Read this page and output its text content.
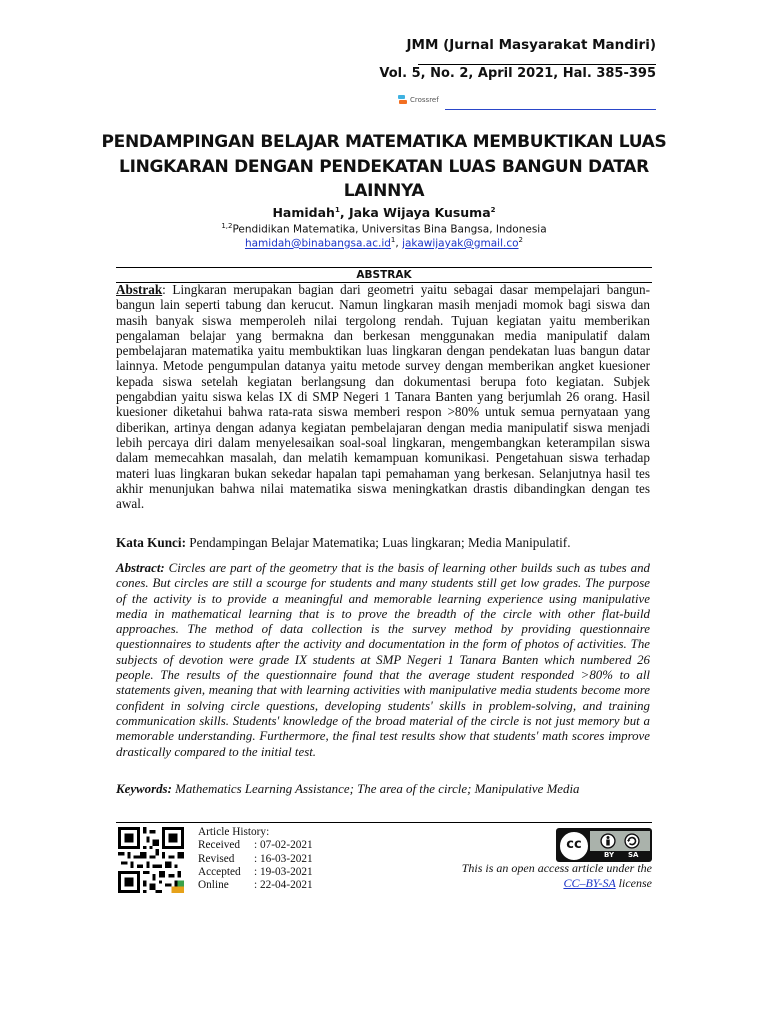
JMM (Jurnal Masyarakat Mandiri)
Vol. 5, No. 2, April 2021, Hal. 385-395
Crossref
PENDAMPINGAN BELAJAR MATEMATIKA MEMBUKTIKAN LUAS LINGKARAN DENGAN PENDEKATAN LUAS BANGUN DATAR LAINNYA
Hamidah$^1$, Jaka Wijaya Kusuma$^2$
$^{1,2}$Pendidikan Matematika, Universitas Bina Bangsa, Indonesia
$hamidah@binabangsa.ac.id^1$, $jakawijayak@gmail.co^2$
ABSTRAK
Abstrak: Lingkaran merupakan bagian dari geometri yaitu sebagai dasar mempelajari bangun-bangun lain seperti tabung dan kerucut. Namun lingkaran masih menjadi momok bagi siswa dan masih banyak siswa memperoleh nilai tergolong rendah. Tujuan kegiatan yaitu memberikan pengalaman belajar yang bermakna dan berkesan menggunakan media manipulatif dalam pembelajaran matematika yaitu membuktikan luas lingkaran dengan pendekatan luas bangun datar lainnya. Metode pengumpulan datanya yaitu metode survey dengan memberikan angket kuesioner kepada siswa setelah kegiatan berlangsung dan dokumentasi berupa foto kegiatan. Subjek pengabdian yaitu siswa kelas IX di SMP Negeri 1 Tanara Banten yang berjumlah 26 orang. Hasil kuesioner diketahui bahwa rata-rata siswa memberi respon >80% untuk semua pernyataan yang diberikan, artinya dengan adanya kegiatan pembelajaran dengan media manipulatif siswa menjadi lebih percaya diri dalam menyelesaikan soal-soal lingkaran, mengembangkan keterampilan siswa dalam memecahkan masalah, dan melatih kemampuan komunikasi. Pengetahuan siswa terhadap materi luas lingkaran bukan sekedar hapalan tapi pemahaman yang berkesan. Selanjutnya hasil tes akhir menunjukan bahwa nilai matematika siswa meningkatkan drastis dibandingkan dengan tes awal.
Kata Kunci: Pendampingan Belajar Matematika; Luas lingkaran; Media Manipulatif.
Abstract: Circles are part of the geometry that is the basis of learning other builds such as tubes and cones. But circles are still a scourge for students and many students still get low grades. The purpose of the activity is to provide a meaningful and memorable learning experience using manipulative media in mathematical learning that is to prove the breadth of the circle with other flat-build approaches. The method of data collection is the survey method by providing questionnaire questionnaires to students after the activity and documentation in the form of photos of activities. The subjects of devotion were grade IX students at SMP Negeri 1 Tanara Banten which numbered 26 people. The results of the questionnaire found that the average student responded >80% to all statements given, meaning that with learning activities with manipulative media students become more confident in solving circle questions, developing students' skills in problem-solving, and training communication skills. Students' knowledge of the broad material of the circle is not just memory but a memorable understanding. Furthermore, the final test results show that students' math scores improve drastically compared to the initial test.
Keywords: Mathematics Learning Assistance; The area of the circle; Manipulative Media
Article History:
Received	: 07-02-2021
Revised	: 16-03-2021
Accepted	: 19-03-2021
Online	: 22-04-2021
cc
BY SA
This is an open access article under the
CC–BY-SA license
